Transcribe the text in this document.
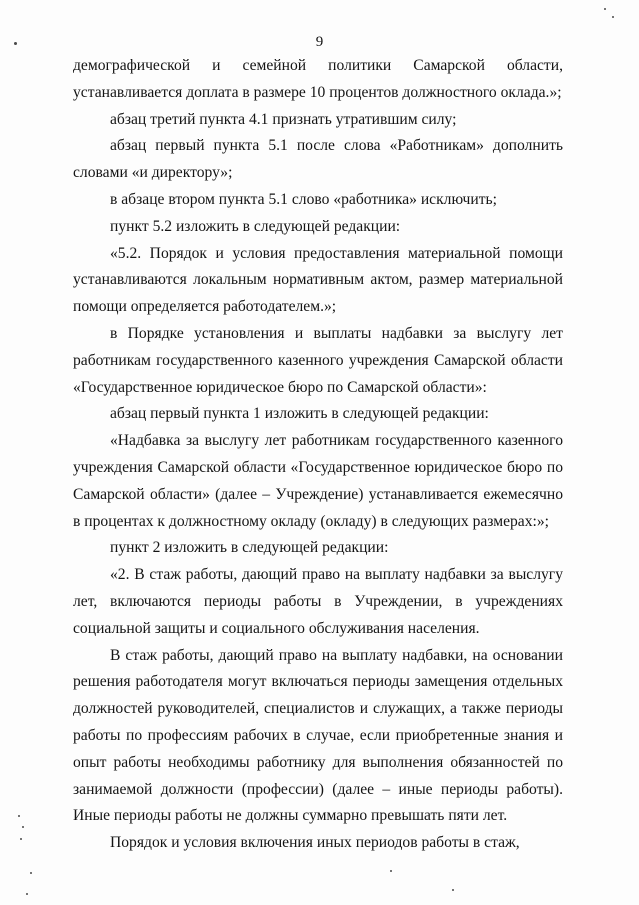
9

демографической и семейной политики Самарской области, устанавливается доплата в размере 10 процентов должностного оклада.»;

абзац третий пункта 4.1 признать утратившим силу;

абзац первый пункта 5.1 после слова «Работникам» дополнить словами «и директору»;

в абзаце втором пункта 5.1 слово «работника» исключить;

пункт 5.2 изложить в следующей редакции:

«5.2. Порядок и условия предоставления материальной помощи устанавливаются локальным нормативным актом, размер материальной помощи определяется работодателем.»;

в Порядке установления и выплаты надбавки за выслугу лет работникам государственного казенного учреждения Самарской области «Государственное юридическое бюро по Самарской области»:

абзац первый пункта 1 изложить в следующей редакции:

«Надбавка за выслугу лет работникам государственного казенного учреждения Самарской области «Государственное юридическое бюро по Самарской области» (далее – Учреждение) устанавливается ежемесячно в процентах к должностному окладу (окладу) в следующих размерах:»;

пункт 2 изложить в следующей редакции:

«2. В стаж работы, дающий право на выплату надбавки за выслугу лет, включаются периоды работы в Учреждении, в учреждениях социальной защиты и социального обслуживания населения.

В стаж работы, дающий право на выплату надбавки, на основании решения работодателя могут включаться периоды замещения отдельных должностей руководителей, специалистов и служащих, а также периоды работы по профессиям рабочих в случае, если приобретенные знания и опыт работы необходимы работнику для выполнения обязанностей по занимаемой должности (профессии) (далее – иные периоды работы). Иные периоды работы не должны суммарно превышать пяти лет.

Порядок и условия включения иных периодов работы в стаж,
